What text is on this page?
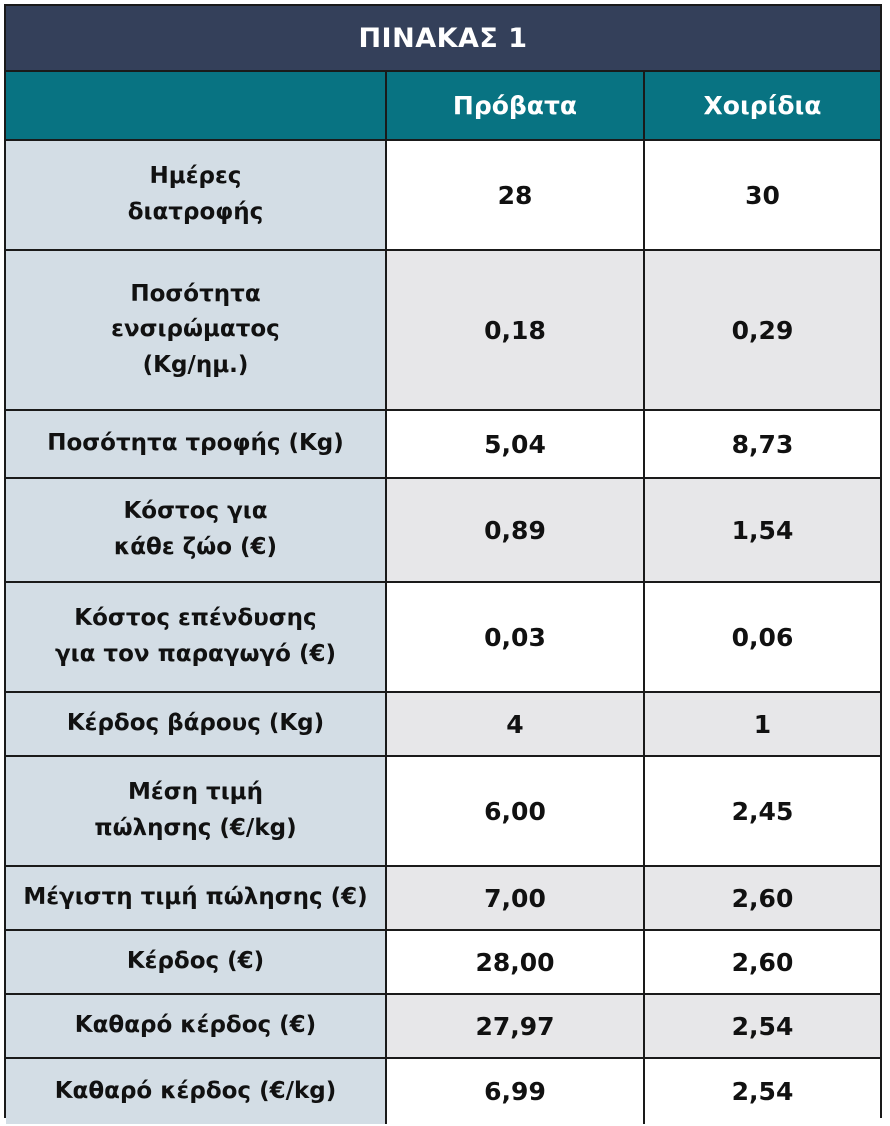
ΠΙΝΑΚΑΣ 1
	Πρόβατα	Χοιρίδια

Ημέρες
διατροφής	28	30

Ποσότητα
ενσιρώματος
(Kg/ημ.)	0,18	0,29

Ποσότητα τροφής (Kg)	5,04	8,73

Κόστος για
κάθε ζώο (€)	0,89	1,54

Κόστος επένδυσης
για τον παραγωγό (€)	0,03	0,06

Κέρδος βάρους (Kg)	4	1

Μέση τιμή
πώλησης (€/kg)	6,00	2,45

Μέγιστη τιμή πώλησης (€)	7,00	2,60

Κέρδος (€)	28,00	2,60

Καθαρό κέρδος (€)	27,97	2,54

Καθαρό κέρδος (€/kg)	6,99	2,54
